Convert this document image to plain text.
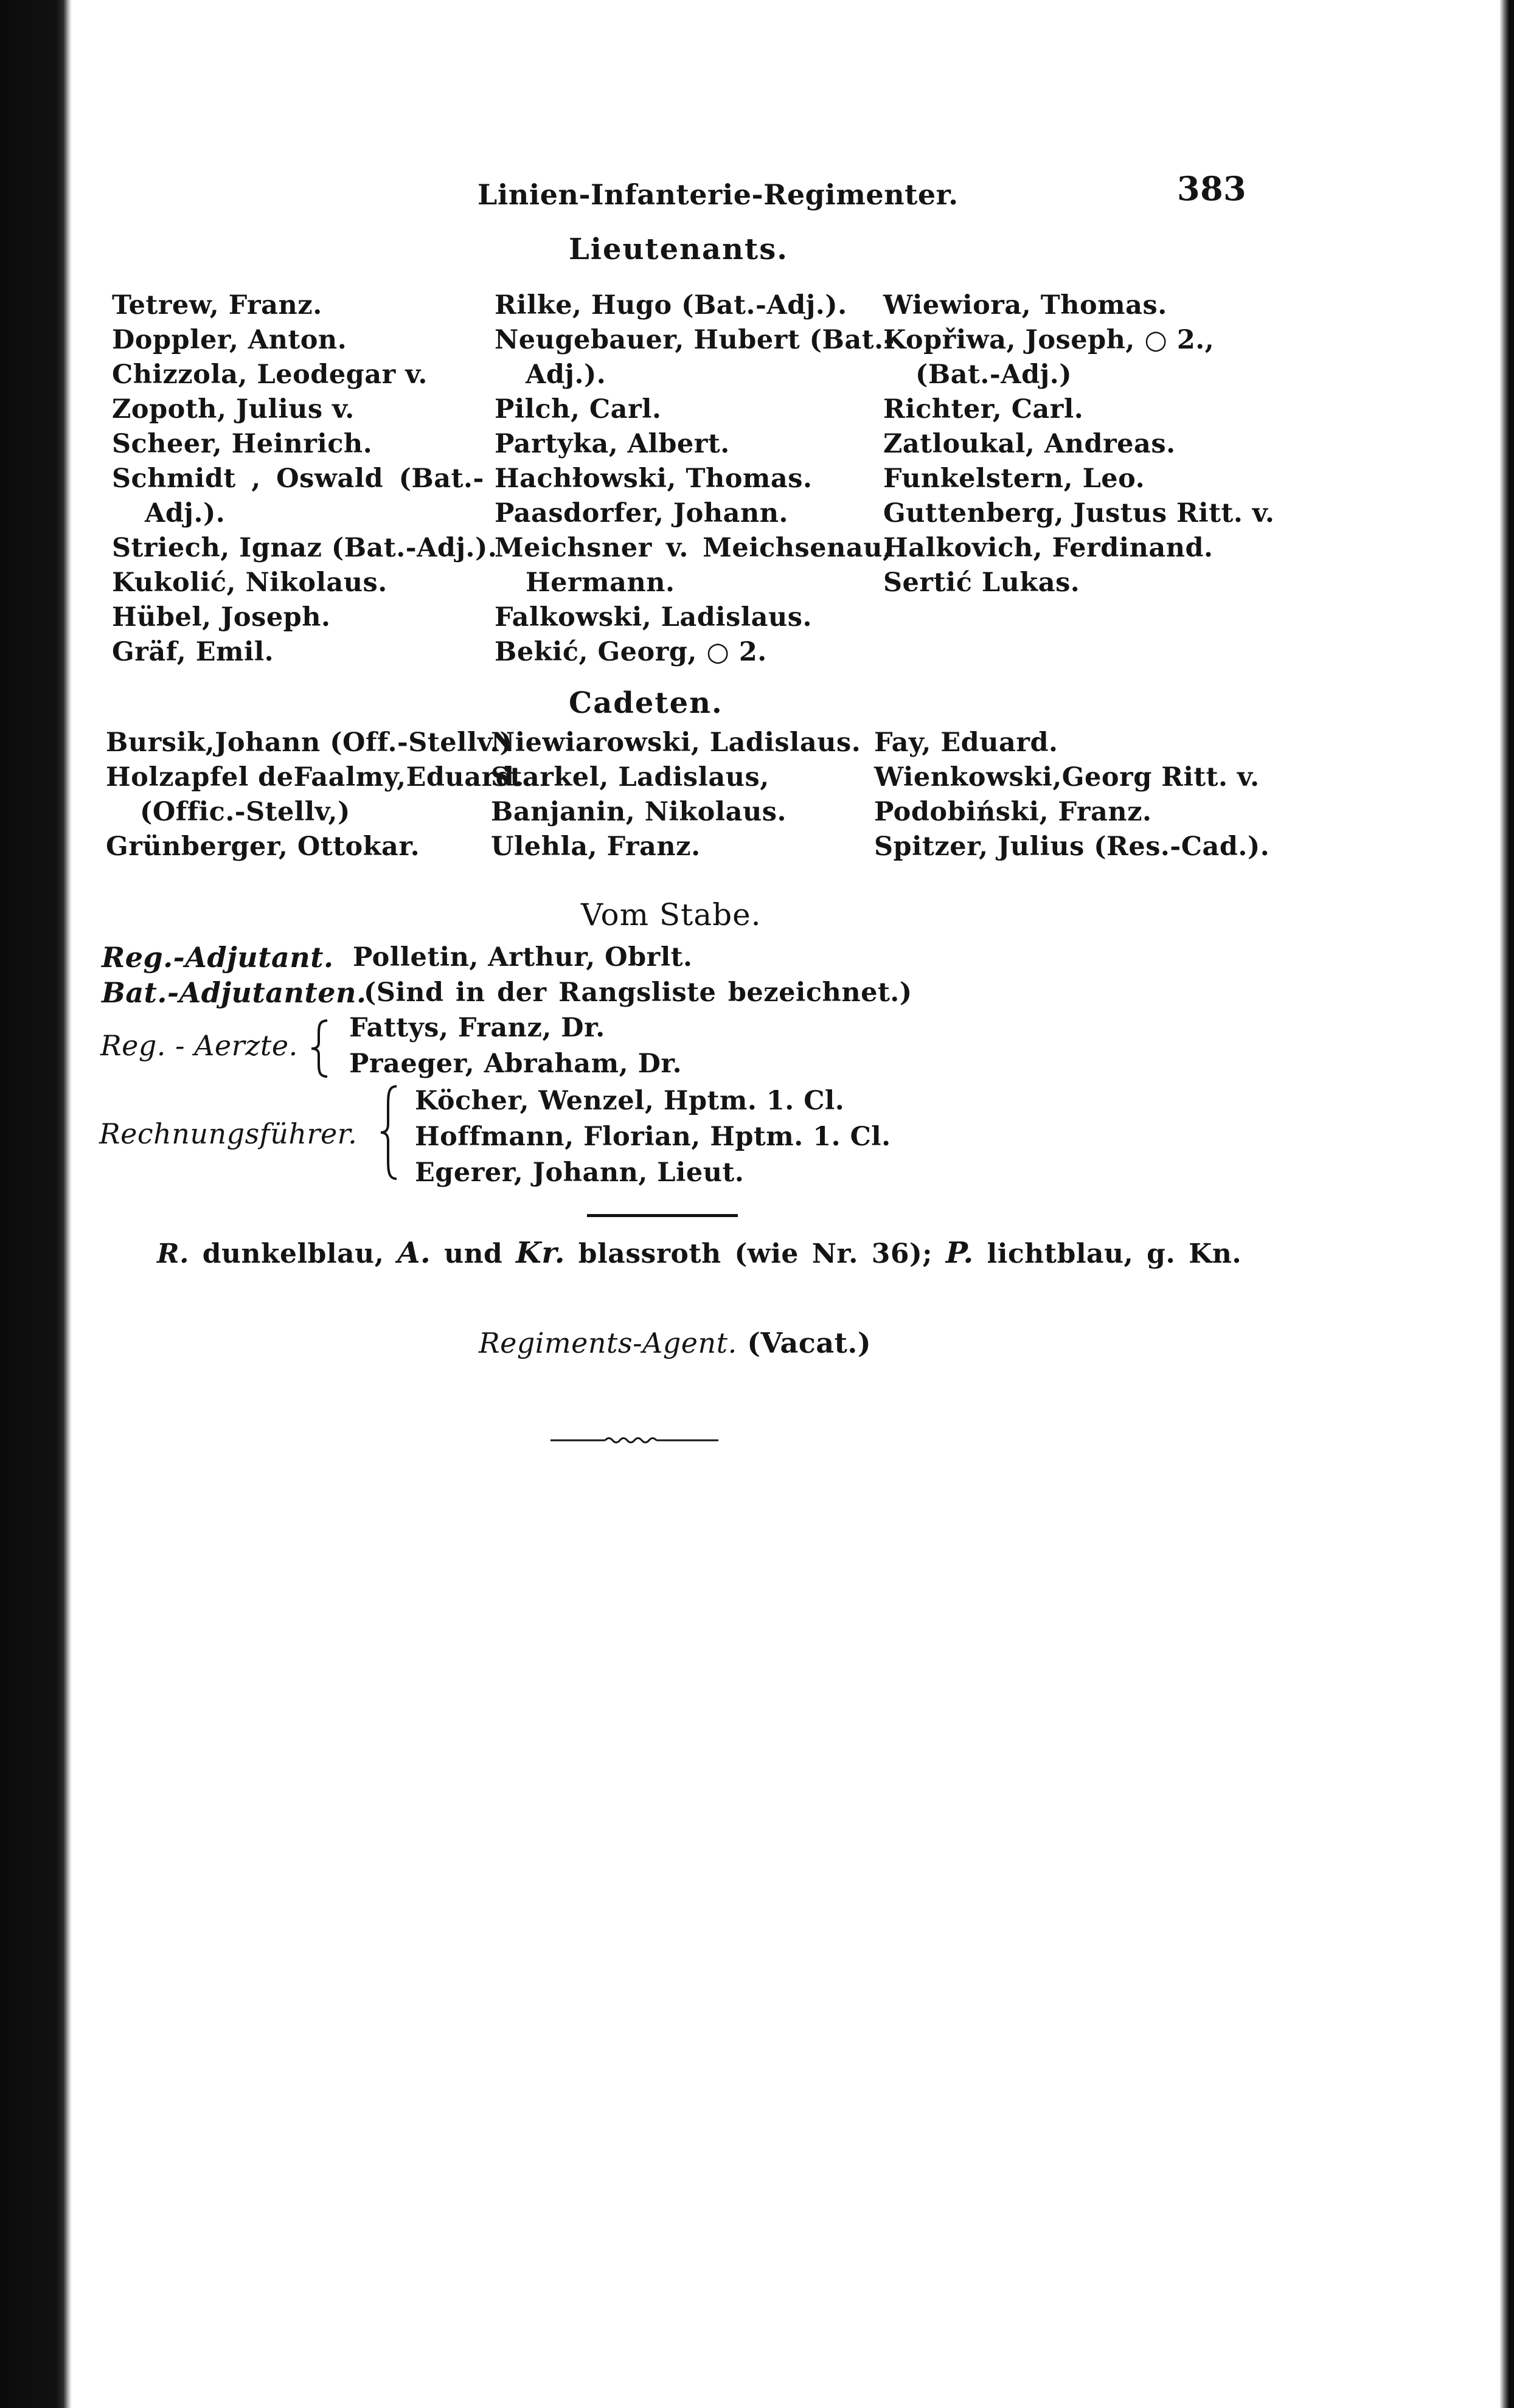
Linien-Infanterie-Regimenter.	383
Lieutenants.
Tetrew, Franz.
Doppler, Anton.
Chizzola, Leodegar v.
Zopoth, Julius v.
Scheer, Heinrich.
Schmidt , Oswald (Bat.-
Adj.).
Striech, Ignaz (Bat.-Adj.).
Kukolić, Nikolaus.
Hübel, Joseph.
Gräf, Emil.
Rilke, Hugo (Bat.-Adj.).
Neugebauer, Hubert (Bat.-
Adj.).
Pilch, Carl.
Partyka, Albert.
Hachłowski, Thomas.
Paasdorfer, Johann.
Meichsner v. Meichsenau,
Hermann.
Falkowski, Ladislaus.
Bekić, Georg, ○ 2.
Wiewiora, Thomas.
Kopřiwa, Joseph, ○ 2.,
(Bat.-Adj.)
Richter, Carl.
Zatloukal, Andreas.
Funkelstern, Leo.
Guttenberg, Justus Ritt. v.
Halkovich, Ferdinand.
Sertić Lukas.
Cadeten.
Bursik,Johann (Off.-Stellv.)
Holzapfel deFaalmy,Eduard.
(Offic.-Stellv,)
Grünberger, Ottokar.
Niewiarowski, Ladislaus.
Starkel, Ladislaus,
Banjanin, Nikolaus.
Ulehla, Franz.
Fay, Eduard.
Wienkowski,Georg Ritt. v.
Podobiński, Franz.
Spitzer, Julius (Res.-Cad.).
Vom Stabe.
Reg.-Adjutant. Polletin, Arthur, Obrlt.
Bat.-Adjutanten.
(Sind in der Rangsliste bezeichnet.)
Reg. - Aerzte.
Fattys, Franz, Dr.
Praeger, Abraham, Dr.
Rechnungsführer.
Köcher, Wenzel, Hptm. 1. Cl.
Hoffmann, Florian, Hptm. 1. Cl.
Egerer, Johann, Lieut.
R. dunkelblau, A. und Kr. blassroth (wie Nr. 36); P. lichtblau, g. Kn.
Regiments-Agent. (Vacat.)
